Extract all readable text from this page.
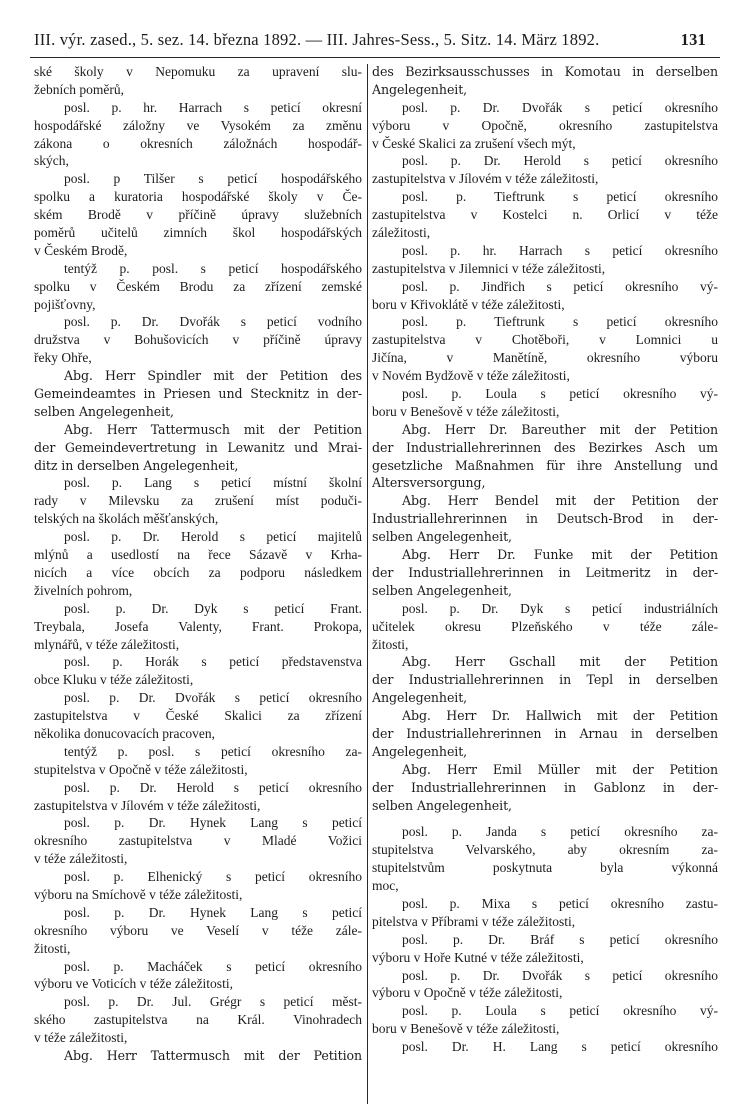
III. výr. zased., 5. sez. 14. března 1892. — III. Jahres-Sess., 5. Sitz. 14. März 1892.	131
ské školy v Nepomuku za upravení slu-
žebních poměrů,
posl. p. hr. Harrach s peticí okresní
hospodářské záložny ve Vysokém za změnu
zákona o okresních záložnách hospodář-
ských,
posl. p Tilšer s peticí hospodářského
spolku a kuratoria hospodářské školy v Če-
ském Brodě v příčině úpravy služebních
poměrů učitelů zimních škol hospodářských
v Českém Brodě,
tentýž p. posl. s peticí hospodářského
spolku v Českém Brodu za zřízení zemské
pojišťovny,
posl. p. Dr. Dvořák s peticí vodního
družstva v Bohušovicích v příčině úpravy
řeky Ohře,
Abg. Herr Spindler mit der Petition des
Gemeindeamtes in Priesen und Stecknitz in der-
selben Angelegenheit,
Abg. Herr Tattermusch mit der Petition
der Gemeindevertretung in Lewanitz und Mrai-
ditz in derselben Angelegenheit,
posl. p. Lang s peticí místní školní
rady v Milevsku za zrušení míst poduči-
telských na školách měšťanských,
posl. p. Dr. Herold s peticí majitelů
mlýnů a usedlostí na řece Sázavě v Krha-
nicích a více obcích za podporu následkem
živelních pohrom,
posl. p. Dr. Dyk s peticí Frant.
Treybala, Josefa Valenty, Frant. Prokopa,
mlynářů, v téže záležitosti,
posl. p. Horák s peticí představenstva
obce Kluku v téže záležitosti,
posl. p. Dr. Dvořák s peticí okresního
zastupitelstva v České Skalici za zřízení
několika donucovacích pracoven,
tentýž p. posl. s peticí okresního za-
stupitelstva v Opočně v téže záležitosti,
posl. p. Dr. Herold s peticí okresního
zastupitelstva v Jílovém v téže záležitosti,
posl. p. Dr. Hynek Lang s peticí
okresního zastupitelstva v Mladé Vožici
v téže záležitosti,
posl. p. Elhenický s peticí okresního
výboru na Smíchově v téže záležitosti,
posl. p. Dr. Hynek Lang s peticí
okresního výboru ve Veselí v téže zále-
žitosti,
posl. p. Macháček s peticí okresního
výboru ve Voticích v téže záležitosti,
posl. p. Dr. Jul. Grégr s peticí měst-
ského zastupitelstva na Král. Vinohradech
v téže záležitosti,
Abg. Herr Tattermusch mit der Petition
des Bezirksausschusses in Komotau in derselben
Angelegenheit,
posl. p. Dr. Dvořák s peticí okresního
výboru v Opočně, okresního zastupitelstva
v České Skalici za zrušení všech mýt,
posl. p. Dr. Herold s peticí okresního
zastupitelstva v Jílovém v téže záležitosti,
posl. p. Tieftrunk s peticí okresního
zastupitelstva v Kostelci n. Orlicí v téže
záležitosti,
posl. p. hr. Harrach s peticí okresního
zastupitelstva v Jilemnici v téže záležitosti,
posl. p. Jindřich s peticí okresního vý-
boru v Křivoklátě v téže záležitosti,
posl. p. Tieftrunk s peticí okresního
zastupitelstva v Chotěboři, v Lomnici u
Jičína, v Manětíně, okresního výboru
v Novém Bydžově v téže záležitosti,
posl. p. Loula s peticí okresního vý-
boru v Benešově v téže záležitosti,
Abg. Herr Dr. Bareuther mit der Petition
der Industriallehrerinnen des Bezirkes Asch um
gesetzliche Maßnahmen für ihre Anstellung und
Altersversorgung,
Abg. Herr Bendel mit der Petition der
Industriallehrerinnen in Deutsch-Brod in der-
selben Angelegenheit,
Abg. Herr Dr. Funke mit der Petition
der Industriallehrerinnen in Leitmeritz in der-
selben Angelegenheit,
posl. p. Dr. Dyk s peticí industriálních
učitelek okresu Plzeňského v téže zále-
žitosti,
Abg. Herr Gschall mit der Petition
der Industriallehrerinnen in Tepl in derselben
Angelegenheit,
Abg. Herr Dr. Hallwich mit der Petition
der Industriallehrerinnen in Arnau in derselben
Angelegenheit,
Abg. Herr Emil Müller mit der Petition
der Industriallehrerinnen in Gablonz in der-
selben Angelegenheit,
posl. p. Janda s peticí okresního za-
stupitelstva Velvarského, aby okresním za-
stupitelstvům poskytnuta byla výkonná
moc,
posl. p. Mixa s peticí okresního zastu-
pitelstva v Příbrami v téže záležitosti,
posl. p. Dr. Bráf s peticí okresního
výboru v Hoře Kutné v téže záležitosti,
posl. p. Dr. Dvořák s peticí okresního
výboru v Opočně v téže záležitosti,
posl. p. Loula s peticí okresního vý-
boru v Benešově v téže záležitosti,
posl. Dr. H. Lang s peticí okresního
